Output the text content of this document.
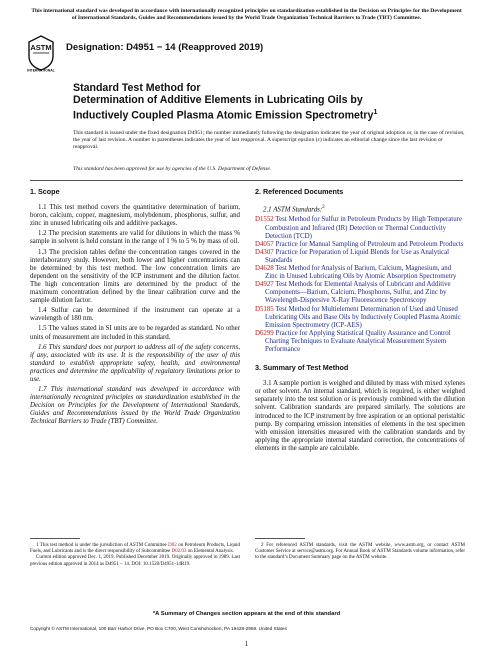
This international standard was developed in accordance with internationally recognized principles on standardization established in the Decision on Principles for the Development of International Standards, Guides and Recommendations issued by the World Trade Organization Technical Barriers to Trade (TBT) Committee.
ASTM
INTERNATIONAL
Designation: D4951 − 14 (Reapproved 2019)
Standard Test Method for
Determination of Additive Elements in Lubricating Oils by
Inductively Coupled Plasma Atomic Emission Spectrometry$^1$
This standard is issued under the fixed designation D4951; the number immediately following the designation indicates the year of original adoption or, in the case of revision, the year of last revision. A number in parentheses indicates the year of last reapproval. A superscript epsilon (ε) indicates an editorial change since the last revision or reapproval.
This standard has been approved for use by agencies of the U.S. Department of Defense.
1. Scope

1.1 This test method covers the quantitative determination of barium, boron, calcium, copper, magnesium, molybdenum, phosphorus, sulfur, and zinc in unused lubricating oils and additive packages.

1.2 The precision statements are valid for dilutions in which the mass % sample in solvent is held constant in the range of 1 % to 5 % by mass of oil.

1.3 The precision tables define the concentration ranges covered in the interlaboratory study. However, both lower and higher concentrations can be determined by this test method. The low concentration limits are dependent on the sensitivity of the ICP instrument and the dilution factor. The high concentration limits are determined by the product of the maximum concentration defined by the linear calibration curve and the sample dilution factor.

1.4 Sulfur can be determined if the instrument can operate at a wavelength of 180 nm.

1.5 The values stated in SI units are to be regarded as standard. No other units of measurement are included in this standard.

1.6 This standard does not purport to address all of the safety concerns, if any, associated with its use. It is the responsibility of the user of this standard to establish appropriate safety, health, and environmental practices and determine the applicability of regulatory limitations prior to use.

1.7 This international standard was developed in accordance with internationally recognized principles on standardization established in the Decision on Principles for the Development of International Standards, Guides and Recommendations issued by the World Trade Organization Technical Barriers to Trade (TBT) Committee.

1 This test method is under the jurisdiction of ASTM Committee D02 on Petroleum Products, Liquid Fuels, and Lubricants and is the direct responsibility of Subcommittee D02.03 on Elemental Analysis.
Current edition approved Dec. 1, 2019. Published December 2019. Originally approved in 1989. Last previous edition approved in 2014 as D4951 – 14. DOI: 10.1520/D4951-14R19.
2. Referenced Documents

2.1 ASTM Standards:$^2$

D1552 Test Method for Sulfur in Petroleum Products by High Temperature Combustion and Infrared (IR) Detection or Thermal Conductivity Detection (TCD)

D4057 Practice for Manual Sampling of Petroleum and Petroleum Products

D4307 Practice for Preparation of Liquid Blends for Use as Analytical Standards

D4628 Test Method for Analysis of Barium, Calcium, Magnesium, and Zinc in Unused Lubricating Oils by Atomic Absorption Spectrometry

D4927 Test Methods for Elemental Analysis of Lubricant and Additive Components—Barium, Calcium, Phosphorus, Sulfur, and Zinc by Wavelength-Dispersive X-Ray Fluorescence Spectroscopy

D5185 Test Method for Multielement Determination of Used and Unused Lubricating Oils and Base Oils by Inductively Coupled Plasma Atomic Emission Spectrometry (ICP-AES)

D6299 Practice for Applying Statistical Quality Assurance and Control Charting Techniques to Evaluate Analytical Measurement System Performance

3. Summary of Test Method

3.1 A sample portion is weighed and diluted by mass with mixed xylenes or other solvent. An internal standard, which is required, is either weighed separately into the test solution or is previously combined with the dilution solvent. Calibration standards are prepared similarly. The solutions are introduced to the ICP instrument by free aspiration or an optional peristaltic pump. By comparing emission intensities of elements in the test specimen with emission intensities measured with the calibration standards and by applying the appropriate internal standard correction, the concentrations of elements in the sample are calculable.

2 For referenced ASTM standards, visit the ASTM website, www.astm.org, or contact ASTM Customer Service at service@astm.org. For Annual Book of ASTM Standards volume information, refer to the standard’s Document Summary page on the ASTM website.
*A Summary of Changes section appears at the end of this standard
Copyright © ASTM International, 100 Barr Harbor Drive, PO Box C700, West Conshohocken, PA 19428-2959. United States
1
